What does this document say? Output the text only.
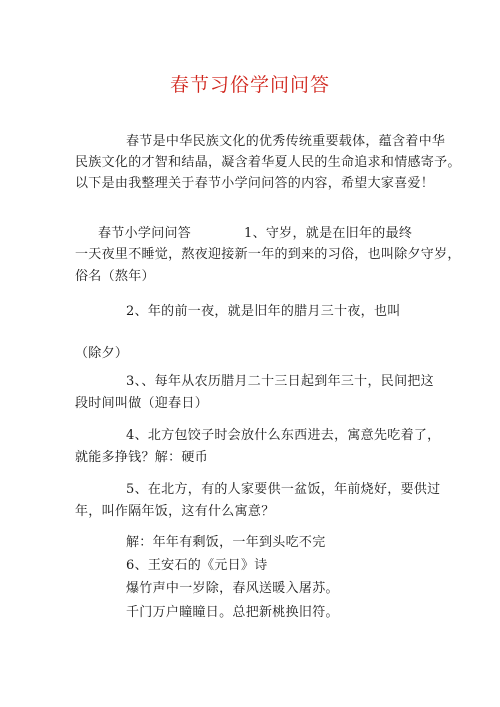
春节习俗学问问答
春节是中华民族文化的优秀传统重要载体，蕴含着中华
民族文化的才智和结晶，凝含着华夏人民的生命追求和情感寄予。
以下是由我整理关于春节小学问问答的内容，希望大家喜爱！
春节小学问问答	1、守岁，就是在旧年的最终
一天夜里不睡觉，熬夜迎接新一年的到来的习俗，也叫除夕守岁，
俗名（熬年）
2、年的前一夜，就是旧年的腊月三十夜，也叫
（除夕）
3、、每年从农历腊月二十三日起到年三十，民间把这
段时间叫做（迎春日）
4、北方包饺子时会放什么东西进去，寓意先吃着了，
就能多挣钱？解：硬币
5、在北方，有的人家要供一盆饭，年前烧好，要供过
年，叫作隔年饭，这有什么寓意？
解：年年有剩饭，一年到头吃不完
6、王安石的《元日》诗
爆竹声中一岁除，春风送暖入屠苏。
千门万户瞳瞳日。总把新桃换旧符。
